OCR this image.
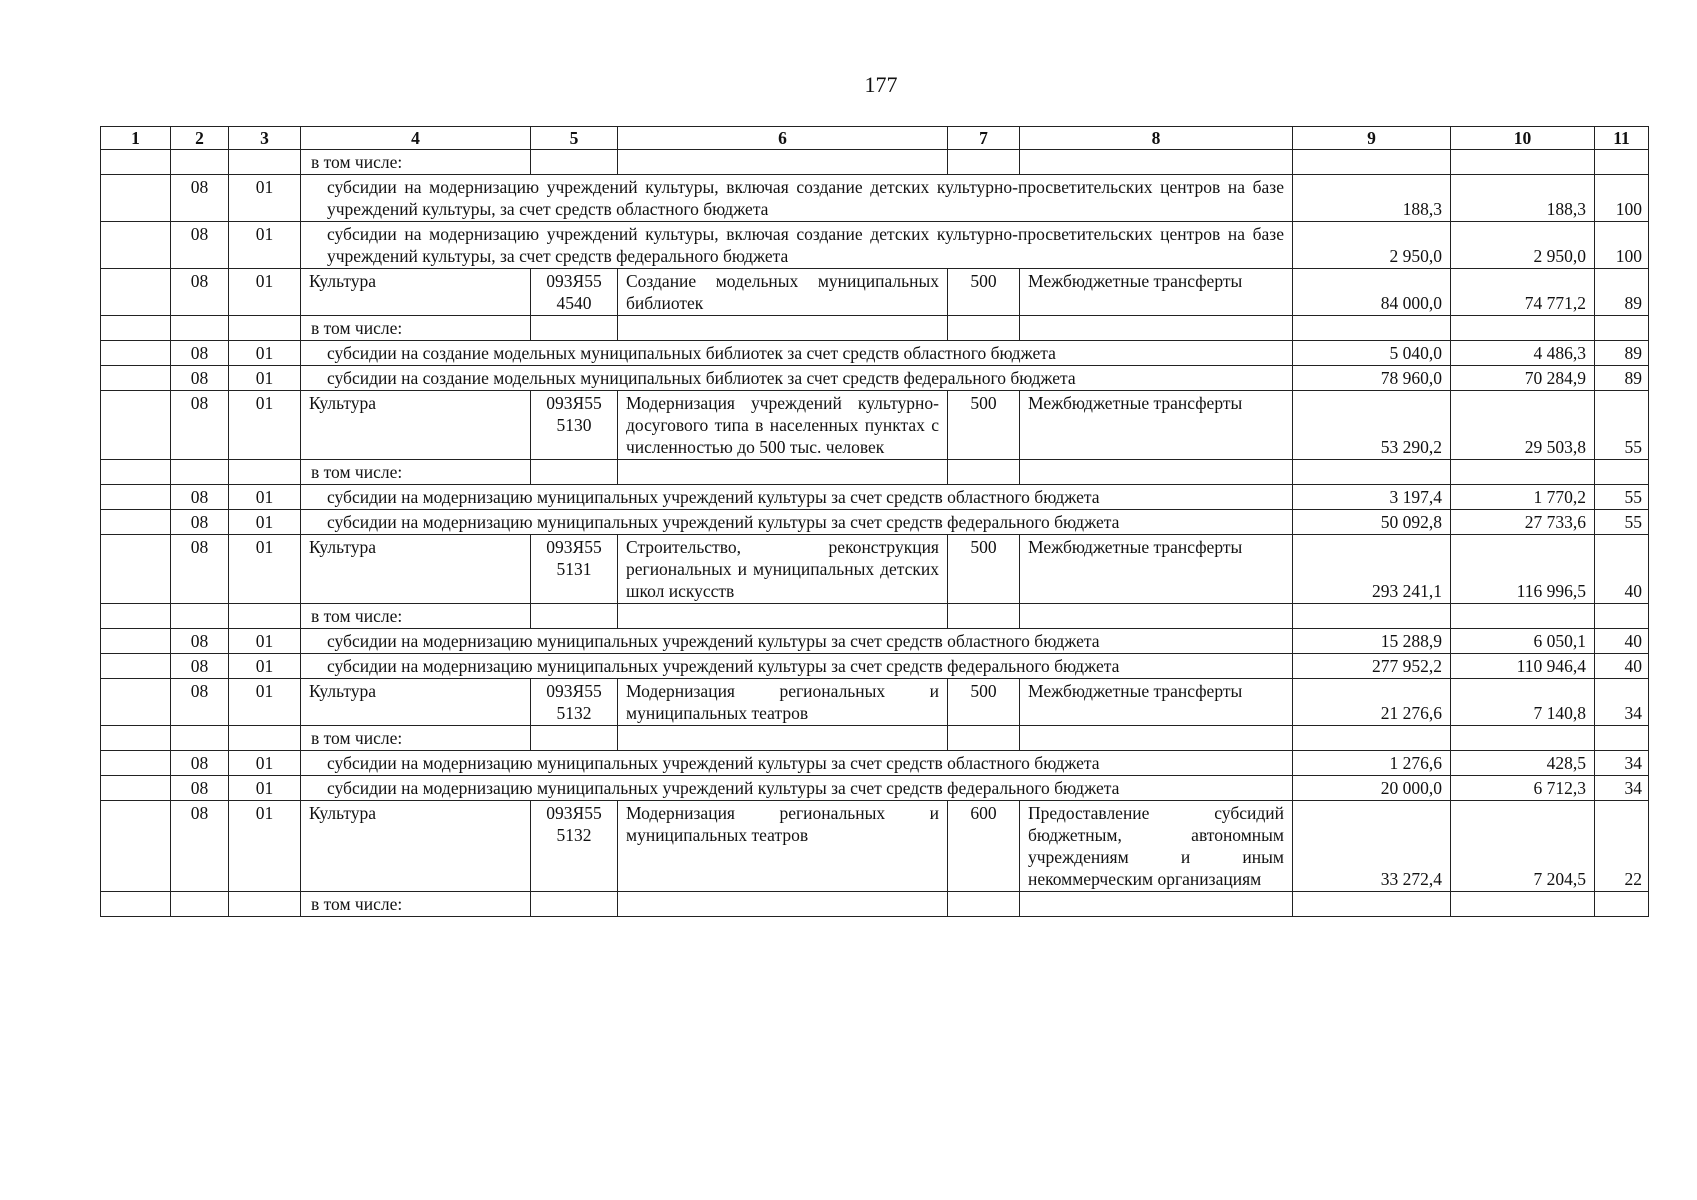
177
1	2	3	4	5	6	7	8	9	10	11
			в том числе:							
	08	01	субсидии на модернизацию учреждений культуры, включая создание детских культурно-просветительских центров на базе учреждений культуры, за счет средств областного бюджета					188,3	188,3	100
	08	01	субсидии на модернизацию учреждений культуры, включая создание детских культурно-просветительских центров на базе учреждений культуры, за счет средств федерального бюджета					2 950,0	2 950,0	100
	08	01	Культура	093Я55 4540	Создание модельных муниципальных библиотек	500	Межбюджетные трансферты	84 000,0	74 771,2	89
			в том числе:							
	08	01	субсидии на создание модельных муниципальных библиотек за счет средств областного бюджета					5 040,0	4 486,3	89
	08	01	субсидии на создание модельных муниципальных библиотек за счет средств федерального бюджета					78 960,0	70 284,9	89
	08	01	Культура	093Я55 5130	Модернизация учреждений культурно-досугового типа в населенных пунктах с численностью до 500 тыс. человек	500	Межбюджетные трансферты	53 290,2	29 503,8	55
			в том числе:							
	08	01	субсидии на модернизацию муниципальных учреждений культуры за счет средств областного бюджета					3 197,4	1 770,2	55
	08	01	субсидии на модернизацию муниципальных учреждений культуры за счет средств федерального бюджета					50 092,8	27 733,6	55
	08	01	Культура	093Я55 5131	Строительство, реконструкция региональных и муниципальных детских школ искусств	500	Межбюджетные трансферты	293 241,1	116 996,5	40
			в том числе:							
	08	01	субсидии на модернизацию муниципальных учреждений культуры за счет средств областного бюджета					15 288,9	6 050,1	40
	08	01	субсидии на модернизацию муниципальных учреждений культуры за счет средств федерального бюджета					277 952,2	110 946,4	40
	08	01	Культура	093Я55 5132	Модернизация региональных и муниципальных театров	500	Межбюджетные трансферты	21 276,6	7 140,8	34
			в том числе:							
	08	01	субсидии на модернизацию муниципальных учреждений культуры за счет средств областного бюджета					1 276,6	428,5	34
	08	01	субсидии на модернизацию муниципальных учреждений культуры за счет средств федерального бюджета					20 000,0	6 712,3	34
	08	01	Культура	093Я55 5132	Модернизация региональных и муниципальных театров	600	Предоставление субсидий бюджетным, автономным учреждениям и иным некоммерческим организациям	33 272,4	7 204,5	22
			в том числе:							
